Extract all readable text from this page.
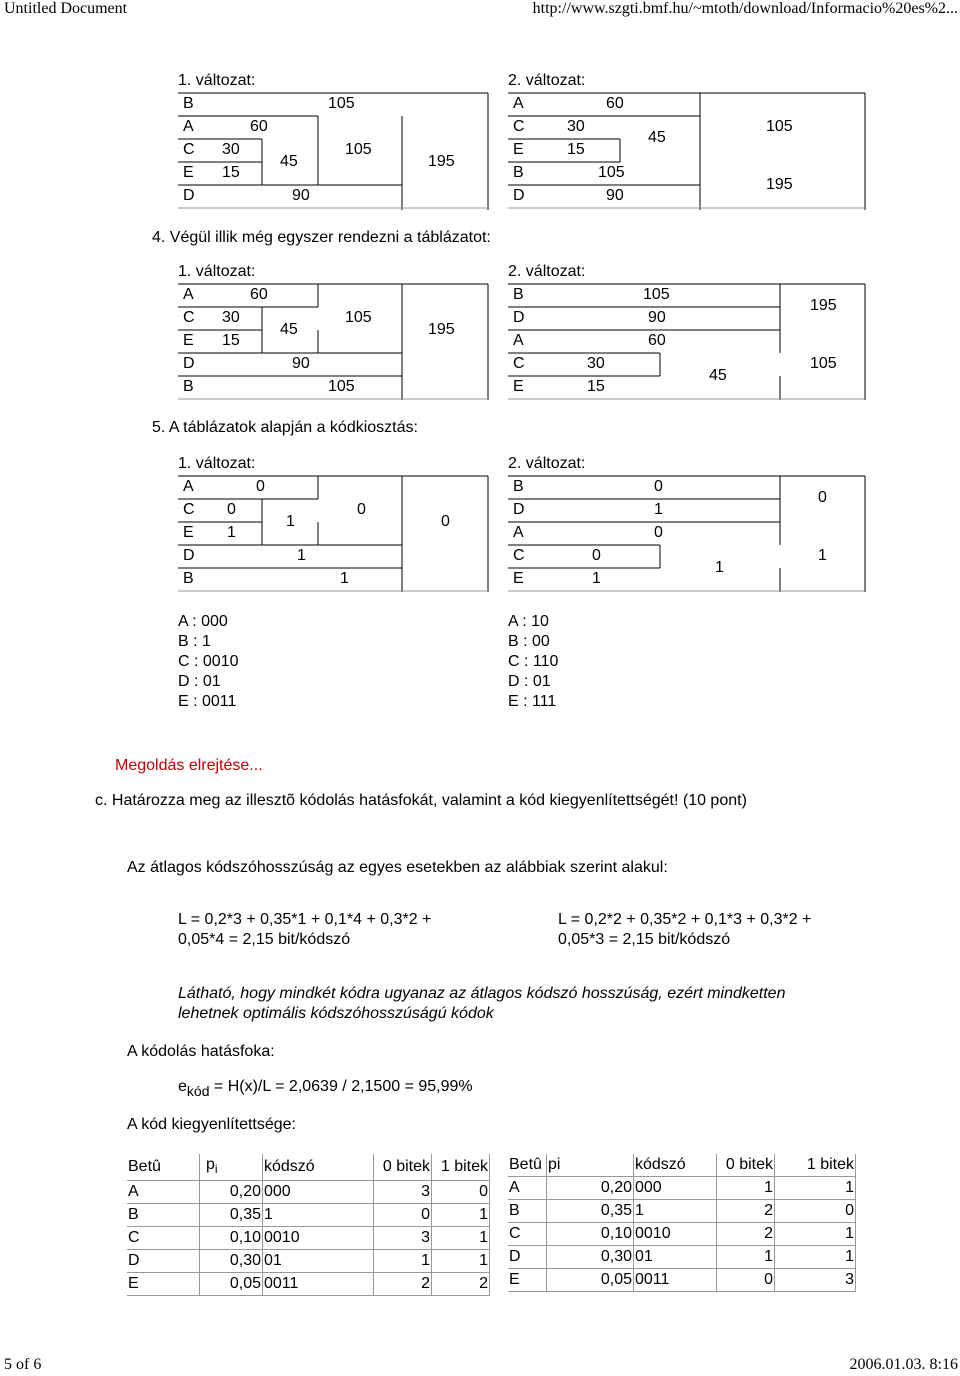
Untitled Document	http://www.szgti.bmf.hu/~mtoth/download/Informacio%20es%2...
5 of 6	2006.01.03. 8:16
1. változat:	2. változat:
B	105
A	60
C 30
E 15
D	90
45
105
195
A	60
C	30
E	15
B	105
D	90
45
105
195
4. Végül illik még egyszer rendezni a táblázatot:
1. változat:	2. változat:
A	60
C 30
E 15
D	90
B	105
45
105
195
B	105
D	90
A	60
C	30
E	15
45
195
105
5. A táblázatok alapján a kódkiosztás:
1. változat:	2. változat:
A	0
C 0
E 1
D	1
B	1
1
0
0
B	0
D	1
A	0
C	0
E	1
1
0
1
A : 000
B : 1
C : 0010
D : 01
E : 0011
A : 10
B : 00
C : 110
D : 01
E : 111
Megoldás elrejtése...
c. Határozza meg az illesztõ kódolás hatásfokát, valamint a kód kiegyenlítettségét! (10 pont)
Az átlagos kódszóhosszúság az egyes esetekben az alábbiak szerint alakul:
L = 0,2*3 + 0,35*1 + 0,1*4 + 0,3*2 +
0,05*4 = 2,15 bit/kódszó
L = 0,2*2 + 0,35*2 + 0,1*3 + 0,3*2 +
0,05*3 = 2,15 bit/kódszó
Látható, hogy mindkét kódra ugyanaz az átlagos kódszó hosszúság, ezért mindketten
lehetnek optimális kódszóhosszúságú kódok
A kódolás hatásfoka:
$e_{kód} = H(x)/L = 2,0639 / 2,1500 = 95,99\%$
A kód kiegyenlítettsége:
Betû	$p_i$	kódszó	0 bitek	1 bitek
A	0,20	000	3	0
B	0,35	1	0	1
C	0,10	0010	3	1
D	0,30	01	1	1
E	0,05	0011	2	2
Betû	pi	kódszó	0 bitek	1 bitek
A	0,20	000	1	1
B	0,35	1	2	0
C	0,10	0010	2	1
D	0,30	01	1	1
E	0,05	0011	0	3
